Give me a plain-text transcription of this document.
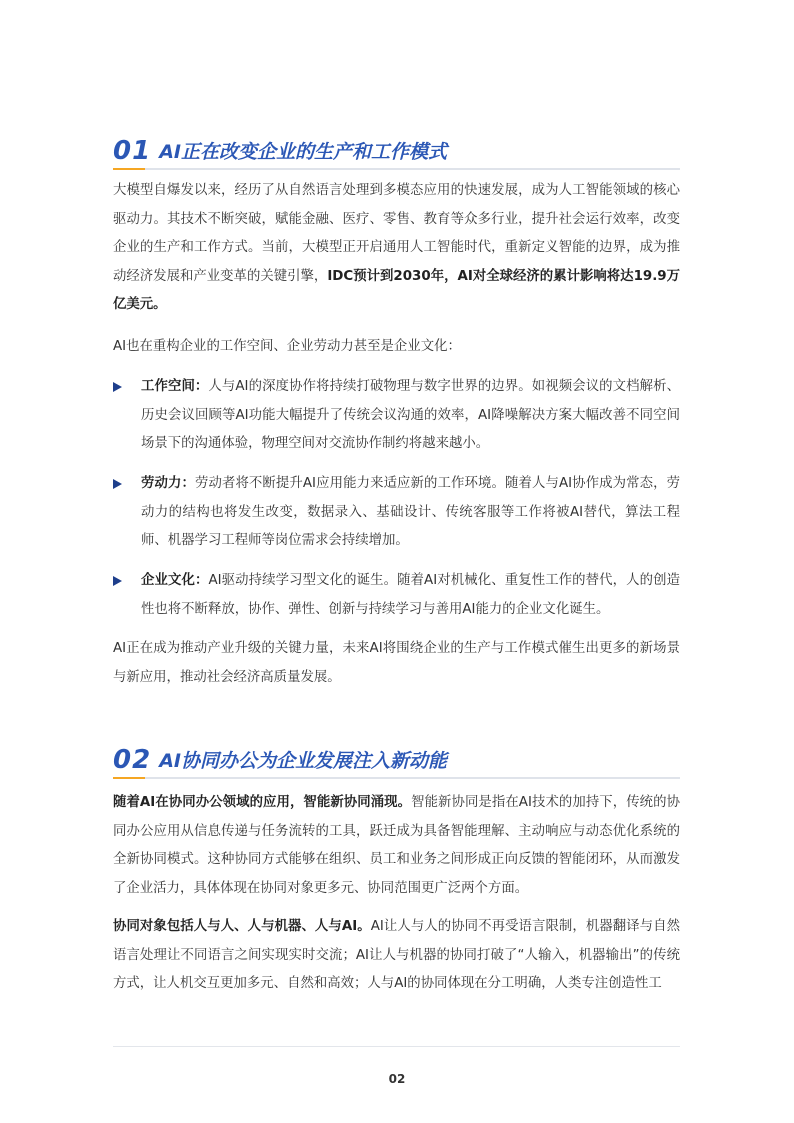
01 AI正在改变企业的生产和工作模式

大模型自爆发以来，经历了从自然语言处理到多模态应用的快速发展，成为人工智能领域的核心驱动力。其技术不断突破，赋能金融、医疗、零售、教育等众多行业，提升社会运行效率，改变企业的生产和工作方式。当前，大模型正开启通用人工智能时代，重新定义智能的边界，成为推动经济发展和产业变革的关键引擎，IDC预计到2030年，AI对全球经济的累计影响将达19.9万亿美元。

AI也在重构企业的工作空间、企业劳动力甚至是企业文化：

工作空间：人与AI的深度协作将持续打破物理与数字世界的边界。如视频会议的文档解析、历史会议回顾等AI功能大幅提升了传统会议沟通的效率，AI降噪解决方案大幅改善不同空间场景下的沟通体验，物理空间对交流协作制约将越来越小。
劳动力：劳动者将不断提升AI应用能力来适应新的工作环境。随着人与AI协作成为常态，劳动力的结构也将发生改变，数据录入、基础设计、传统客服等工作将被AI替代，算法工程师、机器学习工程师等岗位需求会持续增加。
企业文化：AI驱动持续学习型文化的诞生。随着AI对机械化、重复性工作的替代，人的创造性也将不断释放，协作、弹性、创新与持续学习与善用AI能力的企业文化诞生。

AI正在成为推动产业升级的关键力量，未来AI将围绕企业的生产与工作模式催生出更多的新场景与新应用，推动社会经济高质量发展。

02 AI协同办公为企业发展注入新动能

随着AI在协同办公领域的应用，智能新协同涌现。智能新协同是指在AI技术的加持下，传统的协同办公应用从信息传递与任务流转的工具，跃迁成为具备智能理解、主动响应与动态优化系统的全新协同模式。这种协同方式能够在组织、员工和业务之间形成正向反馈的智能闭环，从而激发了企业活力，具体体现在协同对象更多元、协同范围更广泛两个方面。

协同对象包括人与人、人与机器、人与AI。AI让人与人的协同不再受语言限制，机器翻译与自然语言处理让不同语言之间实现实时交流；AI让人与机器的协同打破了“人输入，机器输出”的传统方式，让人机交互更加多元、自然和高效；人与AI的协同体现在分工明确，人类专注创造性工

02
